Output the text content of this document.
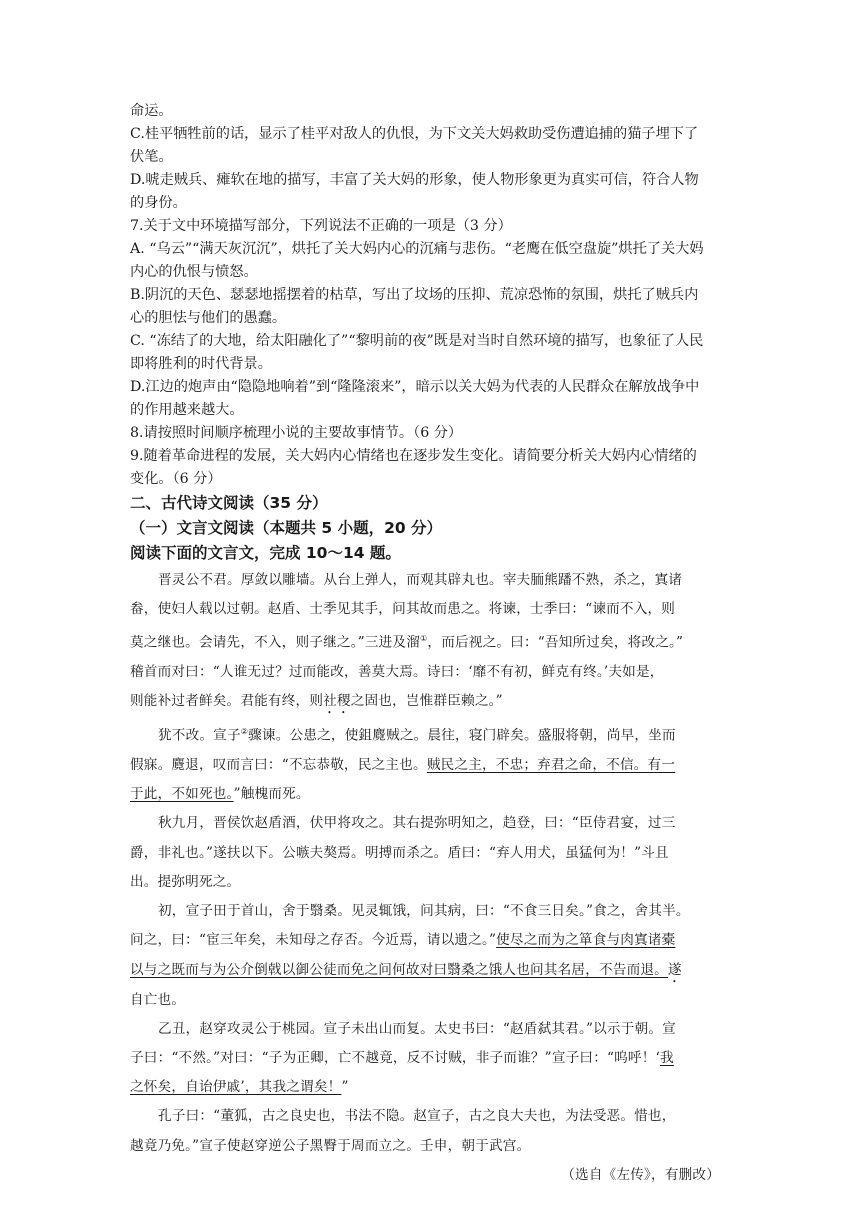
命运。
C.桂平牺牲前的话，显示了桂平对敌人的仇恨，为下文关大妈救助受伤遭追捕的猫子埋下了
伏笔。
D.唬走贼兵、瘫软在地的描写，丰富了关大妈的形象，使人物形象更为真实可信，符合人物
的身份。
7.关于文中环境描写部分，下列说法不正确的一项是（3 分）
A. “乌云”“满天灰沉沉”，烘托了关大妈内心的沉痛与悲伤。“老鹰在低空盘旋”烘托了关大妈
内心的仇恨与愤怒。
B.阴沉的天色、瑟瑟地摇摆着的枯草，写出了坟场的压抑、荒凉恐怖的氛围，烘托了贼兵内
心的胆怯与他们的愚蠢。
C. “冻结了的大地，给太阳融化了”“黎明前的夜”既是对当时自然环境的描写，也象征了人民
即将胜利的时代背景。
D.江边的炮声由“隐隐地响着”到“隆隆滚来”，暗示以关大妈为代表的人民群众在解放战争中
的作用越来越大。
8.请按照时间顺序梳理小说的主要故事情节。（6 分）
9.随着革命进程的发展，关大妈内心情绪也在逐步发生变化。请简要分析关大妈内心情绪的
变化。（6 分）
二、古代诗文阅读（35 分）
（一）文言文阅读（本题共 5 小题，20 分）
阅读下面的文言文，完成 10～14 题。
晋灵公不君。厚敛以雕墙。从台上弹人，而观其辟丸也。宰夫胹熊蹯不熟，杀之，寘诸
畚，使妇人载以过朝。赵盾、士季见其手，问其故而患之。将谏，士季曰：“谏而不入，则
莫之继也。会请先，不入，则子继之。”三进及溜①，而后视之。曰：“吾知所过矣，将改之。”
稽首而对曰：“人谁无过？过而能改，善莫大焉。诗曰：‘靡不有初，鲜克有终。’夫如是，
则能补过者鲜矣。君能有终，则社稷之固也，岂惟群臣赖之。”
犹不改。宣子②骤谏。公患之，使鉏麑贼之。晨往，寝门辟矣。盛服将朝，尚早，坐而
假寐。麑退，叹而言曰：“不忘恭敬，民之主也。贼民之主，不忠；弃君之命，不信。有一
于此，不如死也。”触槐而死。
秋九月，晋侯饮赵盾酒，伏甲将攻之。其右提弥明知之，趋登，曰：“臣侍君宴，过三
爵，非礼也。”遂扶以下。公嗾夫獒焉。明搏而杀之。盾曰：“弃人用犬，虽猛何为！”斗且
出。提弥明死之。
初，宣子田于首山，舍于翳桑。见灵辄饿，问其病，曰：“不食三日矣。”食之，舍其半。
问之，曰：“宦三年矣，未知母之存否。今近焉，请以遗之。”使尽之而为之箪食与肉寘诸橐
以与之既而与为公介倒戟以御公徒而免之问何故对曰翳桑之饿人也问其名居，不告而退。遂
自亡也。
乙丑，赵穿攻灵公于桃园。宣子未出山而复。太史书曰：“赵盾弑其君。”以示于朝。宣
子曰：“不然。”对曰：“子为正卿，亡不越竟，反不讨贼，非子而谁？”宣子曰：“呜呼！‘我
之怀矣，自诒伊戚’，其我之谓矣！”
孔子曰：“董狐，古之良史也，书法不隐。赵宣子，古之良大夫也，为法受恶。惜也，
越竟乃免。”宣子使赵穿逆公子黑臀于周而立之。壬申，朝于武宫。
（选自《左传》，有删改）
